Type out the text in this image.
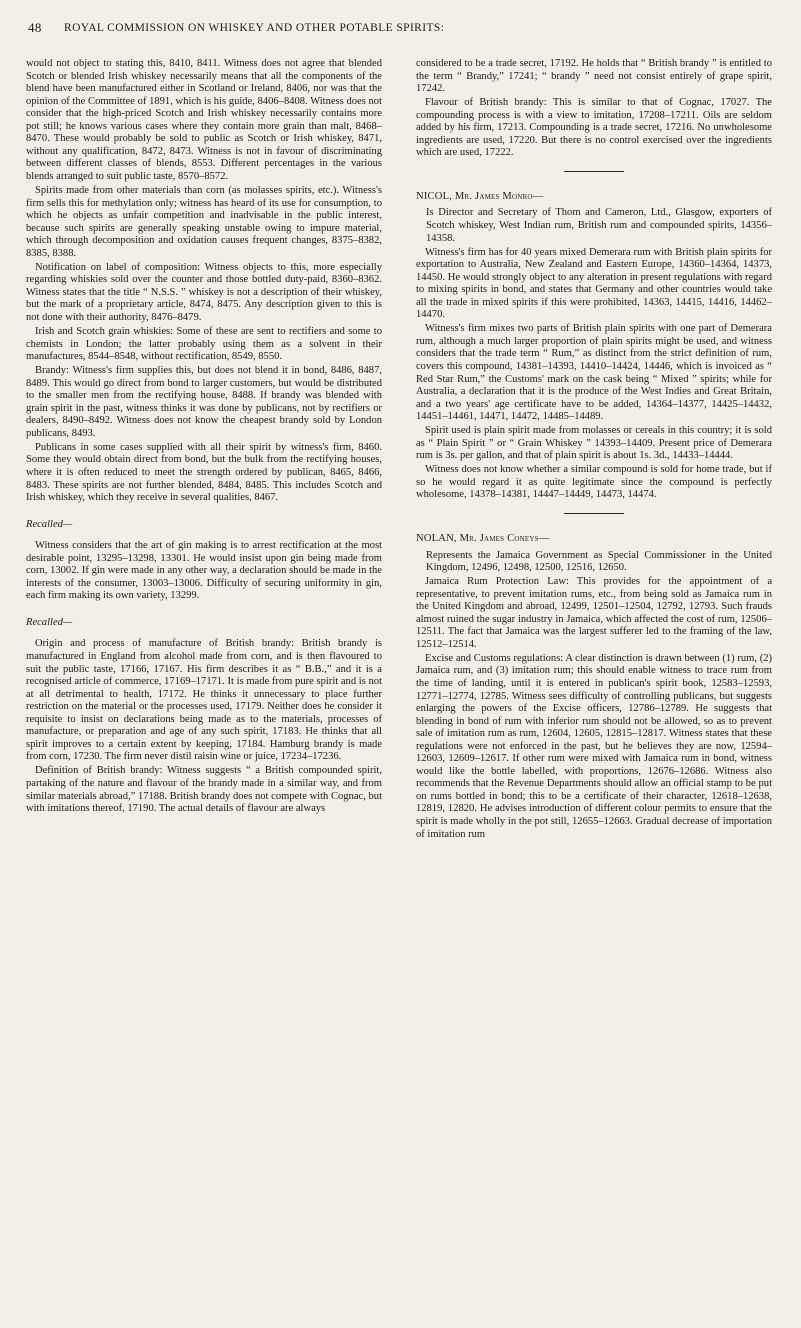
48 ROYAL COMMISSION ON WHISKEY AND OTHER POTABLE SPIRITS:

would not object to stating this, 8410, 8411. Witness does not agree that blended Scotch or blended Irish whiskey necessarily means that all the components of the blend have been manufactured either in Scotland or Ireland, 8406, nor was that the opinion of the Committee of 1891, which is his guide, 8406–8408. Witness does not consider that the high-priced Scotch and Irish whiskey necessarily contains more pot still; he knows various cases where they contain more grain than malt, 8468–8470. These would probably be sold to public as Scotch or Irish whiskey, 8471, without any qualification, 8472, 8473. Witness is not in favour of discriminating between different classes of blends, 8553. Different percentages in the various blends arranged to suit public taste, 8570–8572.

Spirits made from other materials than corn (as molasses spirits, etc.). Witness's firm sells this for methylation only; witness has heard of its use for consumption, to which he objects as unfair competition and inadvisable in the public interest, because such spirits are generally speaking unstable owing to impure material, which through decomposition and oxidation causes frequent changes, 8375–8382, 8385, 8388.

Notification on label of composition: Witness objects to this, more especially regarding whiskies sold over the counter and those bottled duty-paid, 8360–8362. Witness states that the title “ N.S.S. ” whiskey is not a description of their whiskey, but the mark of a proprietary article, 8474, 8475. Any description given to this is not done with their authority, 8476–8479.

Irish and Scotch grain whiskies: Some of these are sent to rectifiers and some to chemists in London; the latter probably using them as a solvent in their manufactures, 8544–8548, without rectification, 8549, 8550.

Brandy: Witness's firm supplies this, but does not blend it in bond, 8486, 8487, 8489. This would go direct from bond to larger customers, but would be distributed to the smaller men from the rectifying house, 8488. If brandy was blended with grain spirit in the past, witness thinks it was done by publicans, not by rectifiers or dealers, 8490–8492. Witness does not know the cheapest brandy sold by London publicans, 8493.

Publicans in some cases supplied with all their spirit by witness's firm, 8460. Some they would obtain direct from bond, but the bulk from the rectifying houses, where it is often reduced to meet the strength ordered by publican, 8465, 8466, 8483. These spirits are not further blended, 8484, 8485. This includes Scotch and Irish whiskey, which they receive in several qualities, 8467.

Recalled—

Witness considers that the art of gin making is to arrest rectification at the most desirable point, 13295–13298, 13301. He would insist upon gin being made from corn, 13002. If gin were made in any other way, a declaration should be made in the interests of the consumer, 13003–13006. Difficulty of securing uniformity in gin, each firm making its own variety, 13299.

Recalled—

Origin and process of manufacture of British brandy: British brandy is manufactured in England from alcohol made from corn, and is then flavoured to suit the public taste, 17166, 17167. His firm describes it as “ B.B.,” and it is a recognised article of commerce, 17169–17171. It is made from pure spirit and is not at all detrimental to health, 17172. He thinks it unnecessary to place further restriction on the material or the processes used, 17179. Neither does he consider it requisite to insist on declarations being made as to the materials, processes of manufacture, or preparation and age of any such spirit, 17183. He thinks that all spirit improves to a certain extent by keeping, 17184. Hamburg brandy is made from corn, 17230. The firm never distil raisin wine or juice, 17234–17236.

Definition of British brandy: Witness suggests “ a British compounded spirit, partaking of the nature and flavour of the brandy made in a similar way, and from similar materials abroad,” 17188. British brandy does not compete with Cognac, but with imitations thereof, 17190. The actual details of flavour are always

considered to be a trade secret, 17192. He holds that “ British brandy ” is entitled to the term “ Brandy,” 17241; “ brandy ” need not consist entirely of grape spirit, 17242.

Flavour of British brandy: This is similar to that of Cognac, 17027. The compounding process is with a view to imitation, 17208–17211. Oils are seldom added by his firm, 17213. Compounding is a trade secret, 17216. No unwholesome ingredients are used, 17220. But there is no control exercised over the ingredients which are used, 17222.

NICOL, Mr. James Monro—

Is Director and Secretary of Thom and Cameron, Ltd., Glasgow, exporters of Scotch whiskey, West Indian rum, British rum and compounded spirits, 14356–14358.

Witness's firm has for 40 years mixed Demerara rum with British plain spirits for exportation to Australia, New Zealand and Eastern Europe, 14360–14364, 14373, 14450. He would strongly object to any alteration in present regulations with regard to mixing spirits in bond, and states that Germany and other countries would take all the trade in mixed spirits if this were prohibited, 14363, 14415, 14416, 14462–14470.

Witness's firm mixes two parts of British plain spirits with one part of Demerara rum, although a much larger proportion of plain spirits might be used, and witness considers that the trade term “ Rum,” as distinct from the strict definition of rum, covers this compound, 14381–14393, 14410–14424, 14446, which is invoiced as “ Red Star Rum,” the Customs' mark on the cask being “ Mixed ” spirits; while for Australia, a declaration that it is the produce of the West Indies and Great Britain, and a two years' age certificate have to be added, 14364–14377, 14425–14432, 14451–14461, 14471, 14472, 14485–14489.

Spirit used is plain spirit made from molasses or cereals in this country; it is sold as “ Plain Spirit ” or “ Grain Whiskey ” 14393–14409. Present price of Demerara rum is 3s. per gallon, and that of plain spirit is about 1s. 3d., 14433–14444.

Witness does not know whether a similar compound is sold for home trade, but if so he would regard it as quite legitimate since the compound is perfectly wholesome, 14378–14381, 14447–14449, 14473, 14474.

NOLAN, Mr. James Coneys—

Represents the Jamaica Government as Special Commissioner in the United Kingdom, 12496, 12498, 12500, 12516, 12650.

Jamaica Rum Protection Law: This provides for the appointment of a representative, to prevent imitation rums, etc., from being sold as Jamaica rum in the United Kingdom and abroad, 12499, 12501–12504, 12792, 12793. Such frauds almost ruined the sugar industry in Jamaica, which affected the cost of rum, 12506–12511. The fact that Jamaica was the largest sufferer led to the framing of the law, 12512–12514.

Excise and Customs regulations: A clear distinction is drawn between (1) rum, (2) Jamaica rum, and (3) imitation rum; this should enable witness to trace rum from the time of landing, until it is entered in publican's spirit book, 12583–12593, 12771–12774, 12785. Witness sees difficulty of controlling publicans, but suggests enlarging the powers of the Excise officers, 12786–12789. He suggests that blending in bond of rum with inferior rum should not be allowed, so as to prevent sale of imitation rum as rum, 12604, 12605, 12815–12817. Witness states that these regulations were not enforced in the past, but he believes they are now, 12594–12603, 12609–12617. If other rum were mixed with Jamaica rum in bond, witness would like the bottle labelled, with proportions, 12676–12686. Witness also recommends that the Revenue Departments should allow an official stamp to be put on rums bottled in bond; this to be a certificate of their character, 12618–12638, 12819, 12820. He advises introduction of different colour permits to ensure that the spirit is made wholly in the pot still, 12655–12663. Gradual decrease of importation of imitation rum
